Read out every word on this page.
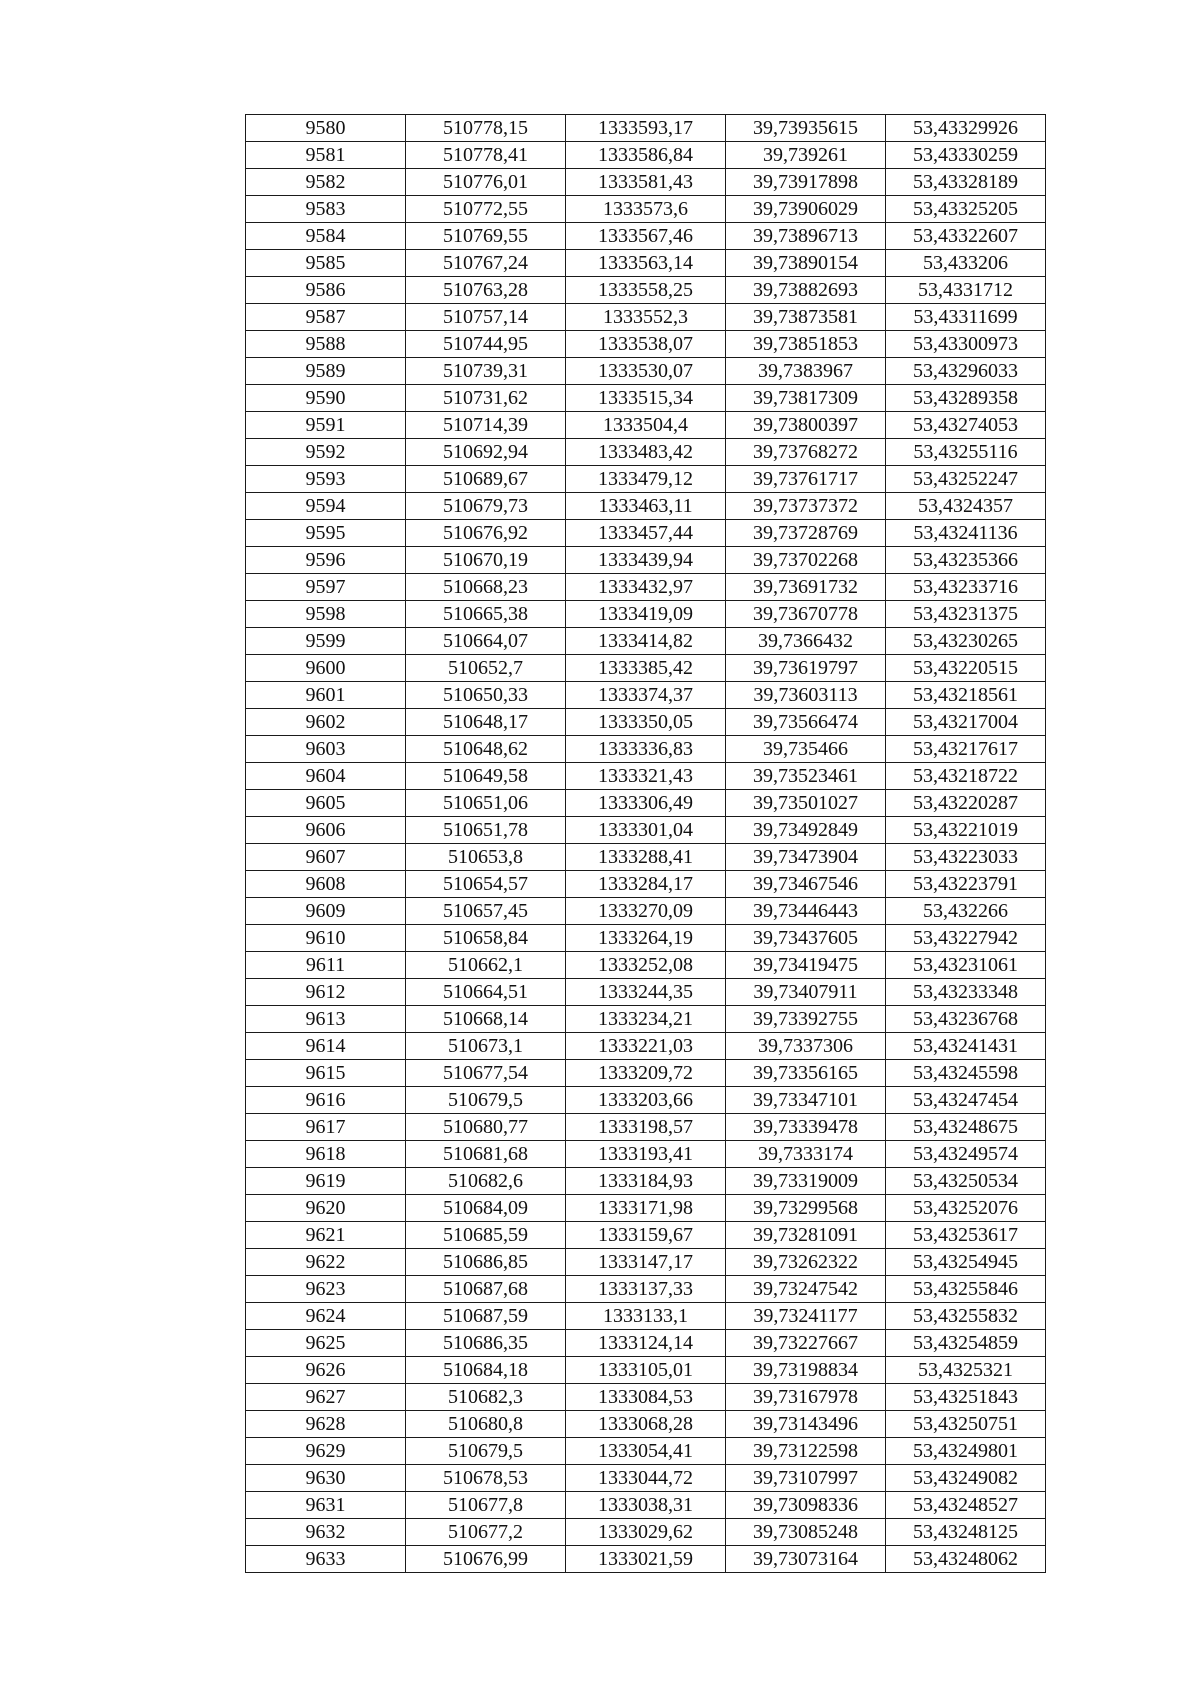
9580	510778,15	1333593,17	39,73935615	53,43329926
9581	510778,41	1333586,84	39,739261	53,43330259
9582	510776,01	1333581,43	39,73917898	53,43328189
9583	510772,55	1333573,6	39,73906029	53,43325205
9584	510769,55	1333567,46	39,73896713	53,43322607
9585	510767,24	1333563,14	39,73890154	53,433206
9586	510763,28	1333558,25	39,73882693	53,4331712
9587	510757,14	1333552,3	39,73873581	53,43311699
9588	510744,95	1333538,07	39,73851853	53,43300973
9589	510739,31	1333530,07	39,7383967	53,43296033
9590	510731,62	1333515,34	39,73817309	53,43289358
9591	510714,39	1333504,4	39,73800397	53,43274053
9592	510692,94	1333483,42	39,73768272	53,43255116
9593	510689,67	1333479,12	39,73761717	53,43252247
9594	510679,73	1333463,11	39,73737372	53,4324357
9595	510676,92	1333457,44	39,73728769	53,43241136
9596	510670,19	1333439,94	39,73702268	53,43235366
9597	510668,23	1333432,97	39,73691732	53,43233716
9598	510665,38	1333419,09	39,73670778	53,43231375
9599	510664,07	1333414,82	39,7366432	53,43230265
9600	510652,7	1333385,42	39,73619797	53,43220515
9601	510650,33	1333374,37	39,73603113	53,43218561
9602	510648,17	1333350,05	39,73566474	53,43217004
9603	510648,62	1333336,83	39,735466	53,43217617
9604	510649,58	1333321,43	39,73523461	53,43218722
9605	510651,06	1333306,49	39,73501027	53,43220287
9606	510651,78	1333301,04	39,73492849	53,43221019
9607	510653,8	1333288,41	39,73473904	53,43223033
9608	510654,57	1333284,17	39,73467546	53,43223791
9609	510657,45	1333270,09	39,73446443	53,432266
9610	510658,84	1333264,19	39,73437605	53,43227942
9611	510662,1	1333252,08	39,73419475	53,43231061
9612	510664,51	1333244,35	39,73407911	53,43233348
9613	510668,14	1333234,21	39,73392755	53,43236768
9614	510673,1	1333221,03	39,7337306	53,43241431
9615	510677,54	1333209,72	39,73356165	53,43245598
9616	510679,5	1333203,66	39,73347101	53,43247454
9617	510680,77	1333198,57	39,73339478	53,43248675
9618	510681,68	1333193,41	39,7333174	53,43249574
9619	510682,6	1333184,93	39,73319009	53,43250534
9620	510684,09	1333171,98	39,73299568	53,43252076
9621	510685,59	1333159,67	39,73281091	53,43253617
9622	510686,85	1333147,17	39,73262322	53,43254945
9623	510687,68	1333137,33	39,73247542	53,43255846
9624	510687,59	1333133,1	39,73241177	53,43255832
9625	510686,35	1333124,14	39,73227667	53,43254859
9626	510684,18	1333105,01	39,73198834	53,4325321
9627	510682,3	1333084,53	39,73167978	53,43251843
9628	510680,8	1333068,28	39,73143496	53,43250751
9629	510679,5	1333054,41	39,73122598	53,43249801
9630	510678,53	1333044,72	39,73107997	53,43249082
9631	510677,8	1333038,31	39,73098336	53,43248527
9632	510677,2	1333029,62	39,73085248	53,43248125
9633	510676,99	1333021,59	39,73073164	53,43248062
